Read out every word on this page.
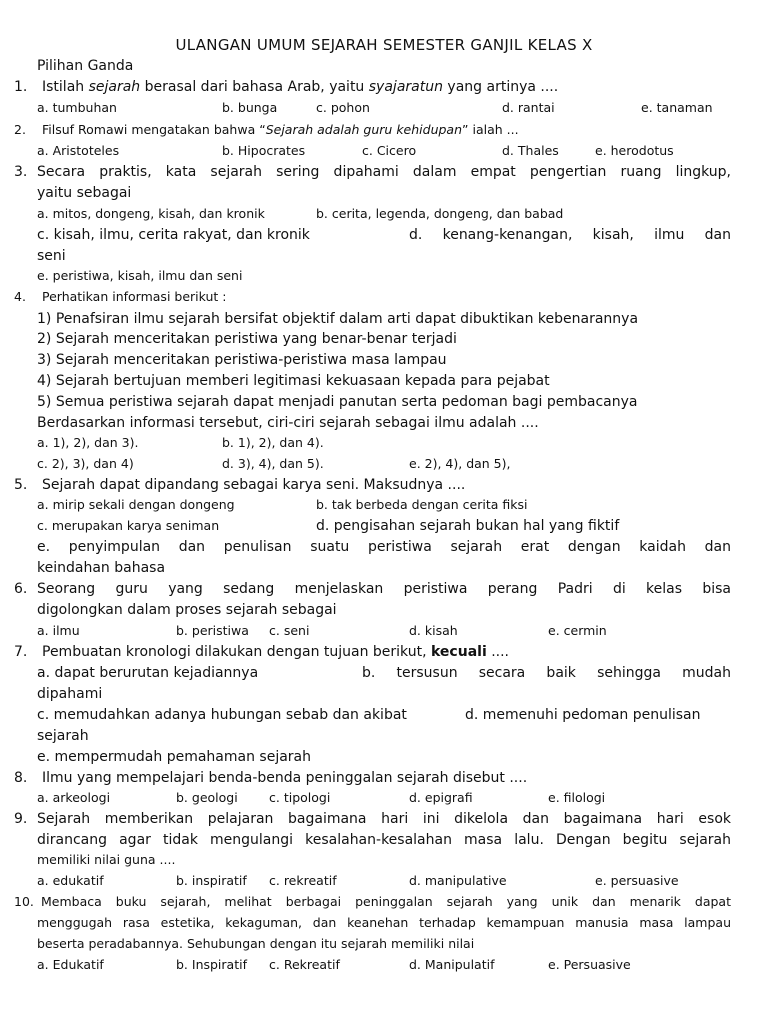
ULANGAN UMUM SEJARAH SEMESTER GANJIL KELAS X
Pilihan Ganda
1. Istilah sejarah berasal dari bahasa Arab, yaitu syajaratun yang artinya ....
a. tumbuhan	b. bunga	c. pohon	d. rantai	e. tanaman
2. Filsuf Romawi mengatakan bahwa “Sejarah adalah guru kehidupan” ialah ...
a. Aristoteles	b. Hipocrates	c. Cicero	d. Thales	e. herodotus
3. Secara praktis, kata sejarah sering dipahami dalam empat pengertian ruang lingkup,
yaitu sebagai
a. mitos, dongeng, kisah, dan kronik	b. cerita, legenda, dongeng, dan babad
c. kisah, ilmu, cerita rakyat, dan kronik	d. kenang-kenangan, kisah, ilmu dan
seni
e. peristiwa, kisah, ilmu dan seni
4. Perhatikan informasi berikut :
1) Penafsiran ilmu sejarah bersifat objektif dalam arti dapat dibuktikan kebenarannya
2) Sejarah menceritakan peristiwa yang benar-benar terjadi
3) Sejarah menceritakan peristiwa-peristiwa masa lampau
4) Sejarah bertujuan memberi legitimasi kekuasaan kepada para pejabat
5) Semua peristiwa sejarah dapat menjadi panutan serta pedoman bagi pembacanya
Berdasarkan informasi tersebut, ciri-ciri sejarah sebagai ilmu adalah ....
a. 1), 2), dan 3).	b. 1), 2), dan 4).
c. 2), 3), dan 4)	d. 3), 4), dan 5).	e. 2), 4), dan 5),
5. Sejarah dapat dipandang sebagai karya seni. Maksudnya ....
a. mirip sekali dengan dongeng	b. tak berbeda dengan cerita fiksi
c. merupakan karya seniman	d. pengisahan sejarah bukan hal yang fiktif
e. penyimpulan dan penulisan suatu peristiwa sejarah erat dengan kaidah dan
keindahan bahasa
6. Seorang guru yang sedang menjelaskan peristiwa perang Padri di kelas bisa
digolongkan dalam proses sejarah sebagai
a. ilmu	b. peristiwa c. seni	d. kisah	e. cermin
7. Pembuatan kronologi dilakukan dengan tujuan berikut, kecuali ....
a. dapat berurutan kejadiannya	b. tersusun secara baik sehingga mudah
dipahami
c. memudahkan adanya hubungan sebab dan akibat	d. memenuhi pedoman penulisan
sejarah
e. mempermudah pemahaman sejarah
8. Ilmu yang mempelajari benda-benda peninggalan sejarah disebut ....
a. arkeologi	b. geologi	c. tipologi	d. epigrafi	e. filologi
9. Sejarah memberikan pelajaran bagaimana hari ini dikelola dan bagaimana hari esok
dirancang agar tidak mengulangi kesalahan-kesalahan masa lalu. Dengan begitu sejarah
memiliki nilai guna ....
a. edukatif	b. inspiratif c. rekreatif	d. manipulative	e. persuasive
10. Membaca buku sejarah, melihat berbagai peninggalan sejarah yang unik dan menarik dapat
menggugah rasa estetika, kekaguman, dan keanehan terhadap kemampuan manusia masa lampau
beserta peradabannya. Sehubungan dengan itu sejarah memiliki nilai
a. Edukatif	b. Inspiratif c. Rekreatif	d. Manipulatif	e. Persuasive
